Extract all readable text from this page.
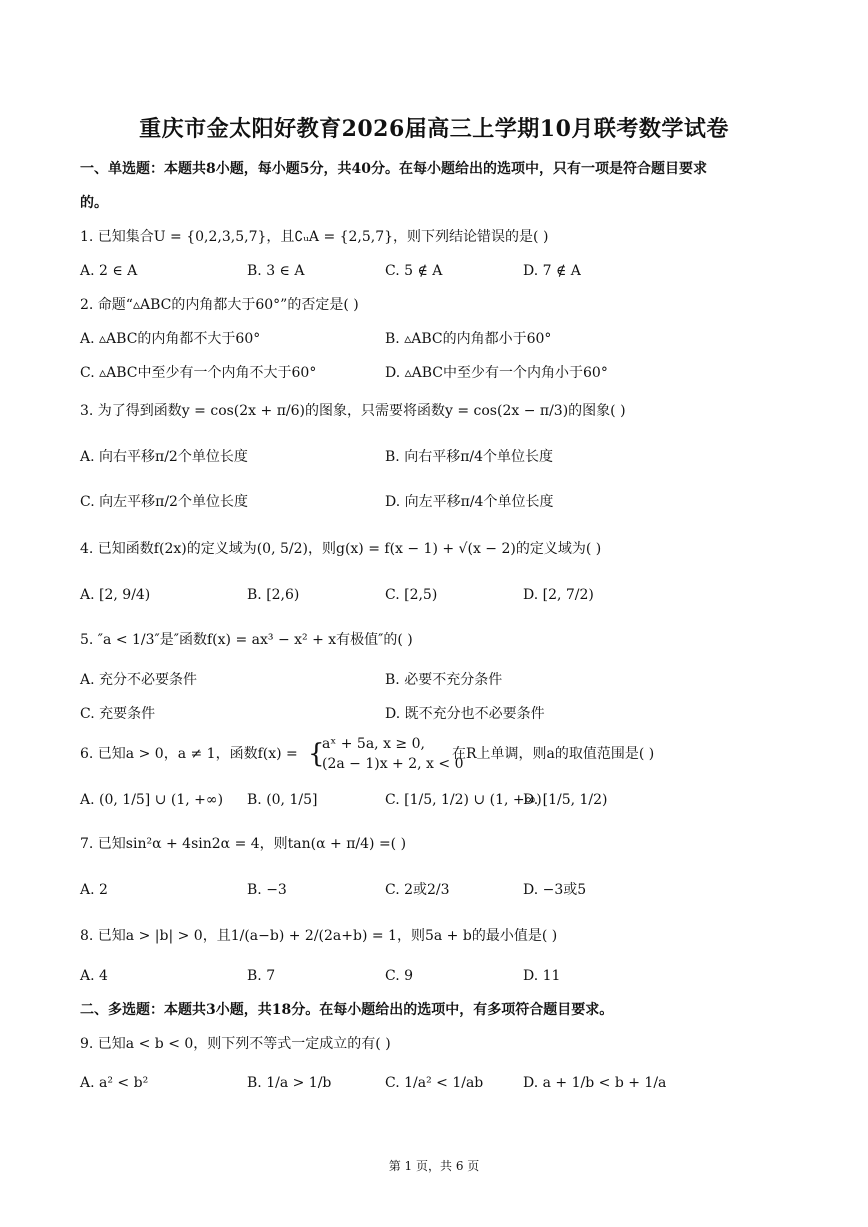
重庆市金太阳好教育2026届高三上学期10月联考数学试卷
一、单选题：本题共8小题，每小题5分，共40分。在每小题给出的选项中，只有一项是符合题目要求
的。
1. 已知集合U = {0,2,3,5,7}，且∁ᵤA = {2,5,7}，则下列结论错误的是( )
A. 2 ∈ A	B. 3 ∈ A	C. 5 ∉ A	D. 7 ∉ A
2. 命题“▵ABC的内角都大于60°”的否定是( )
A. ▵ABC的内角都不大于60°	B. ▵ABC的内角都小于60°
C. ▵ABC中至少有一个内角不大于60°	D. ▵ABC中至少有一个内角小于60°
3. 为了得到函数y = cos(2x + π/6)的图象，只需要将函数y = cos(2x − π/3)的图象( )
A. 向右平移π/2个单位长度	B. 向右平移π/4个单位长度
C. 向左平移π/2个单位长度	D. 向左平移π/4个单位长度
4. 已知函数f(2x)的定义域为(0, 5/2)，则g(x) = f(x − 1) + √(x − 2)的定义域为( )
A. [2, 9/4)	B. [2,6)	C. [2,5)	D. [2, 7/2)
5. ″a < 1/3″是″函数f(x) = ax³ − x² + x有极值″的( )
A. 充分不必要条件	B. 必要不充分条件
C. 充要条件	D. 既不充分也不必要条件
6. 已知a > 0，a ≠ 1，函数f(x) = {
aˣ + 5a, x ≥ 0,
(2a − 1)x + 2, x < 0
在R上单调，则a的取值范围是( )
A. (0, 1/5] ∪ (1, +∞) B. (0, 1/5]	C. [1/5, 1/2) ∪ (1, +∞)
D. [1/5, 1/2)
7. 已知sin²α + 4sin2α = 4，则tan(α + π/4) =( )
A. 2	B. −3	C. 2或2/3	D. −3或5
8. 已知a > |b| > 0，且1/(a−b) + 2/(2a+b) = 1，则5a + b的最小值是( )
A. 4	B. 7	C. 9	D. 11
二、多选题：本题共3小题，共18分。在每小题给出的选项中，有多项符合题目要求。
9. 已知a < b < 0，则下列不等式一定成立的有( )
A. a² < b²	B. 1/a > 1/b	C. 1/a² < 1/ab	D. a + 1/b < b + 1/a
第 1 页，共 6 页
